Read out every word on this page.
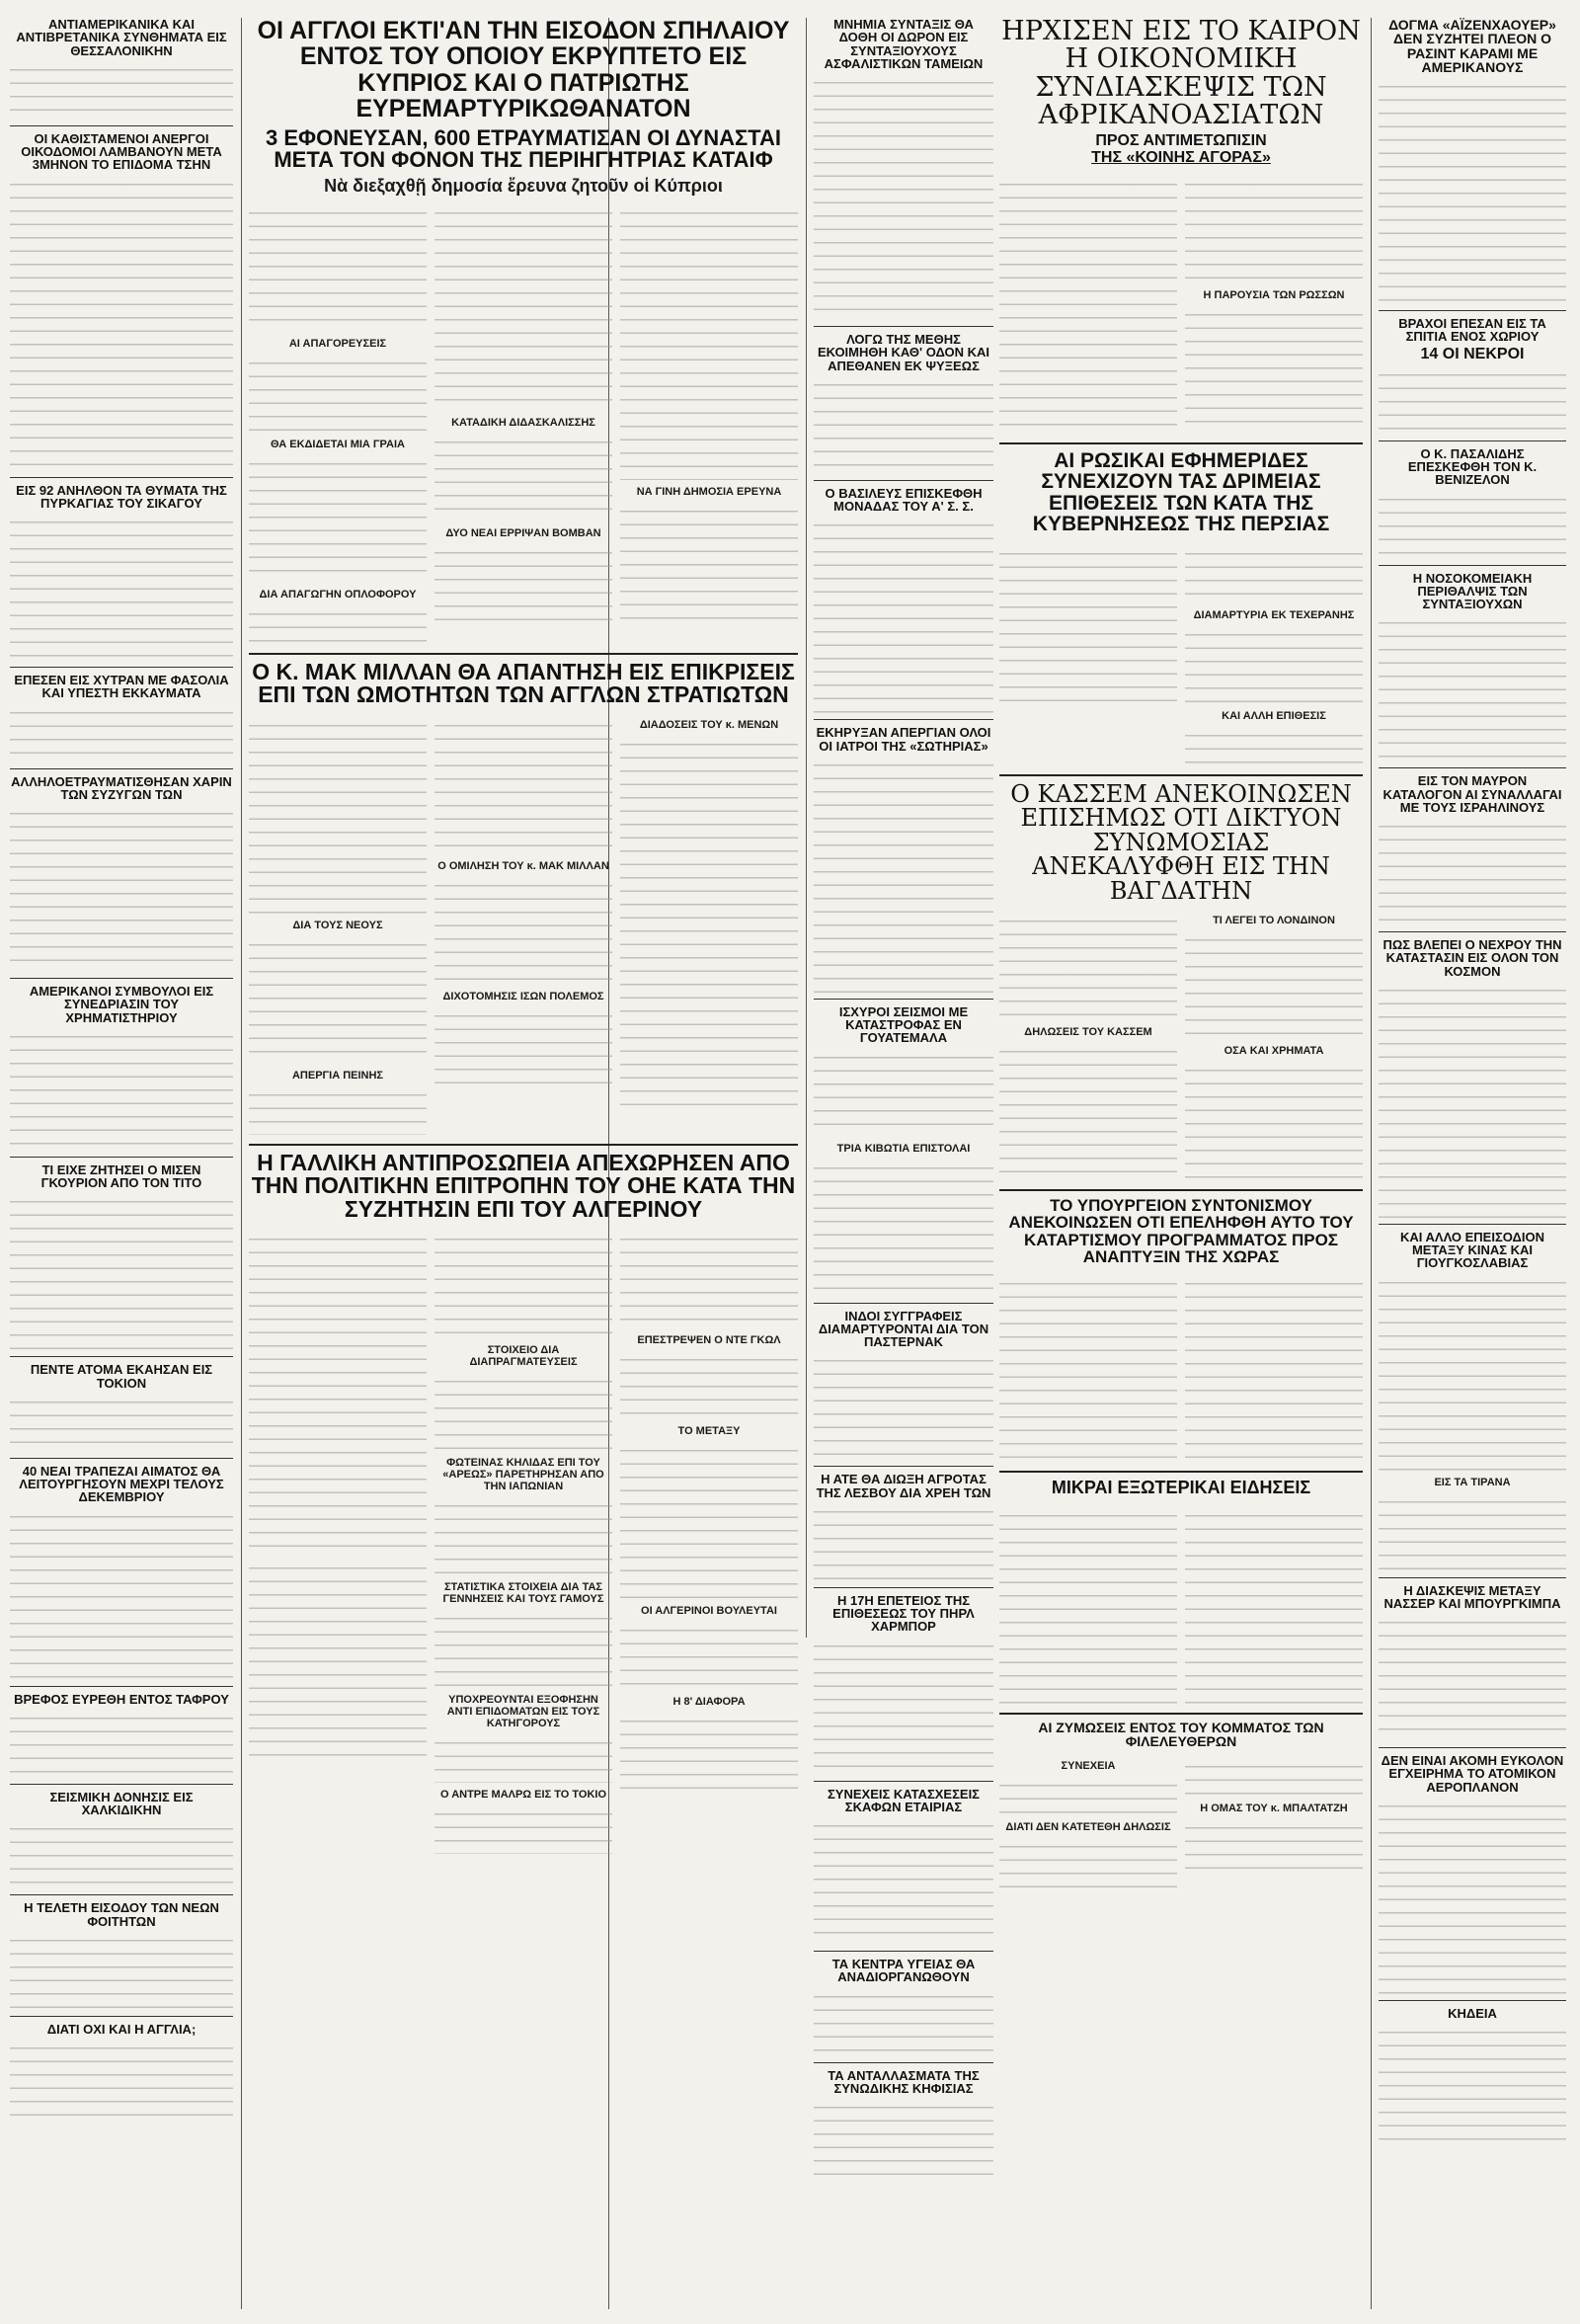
ΑΝΤΙΑΜΕΡΙΚΑΝΙΚΑ ΚΑΙ ΑΝΤΙΒΡΕΤΑΝΙΚΑ ΣΥΝΘΗΜΑΤΑ ΕΙΣ ΘΕΣΣΑΛΟΝΙΚΗΝ
ΟΙ ΚΑΘΙΣΤΑΜΕΝΟΙ ΑΝΕΡΓΟΙ ΟΙΚΟΔΟΜΟΙ ΛΑΜΒΑΝΟΥΝ ΜΕΤΑ 3ΜΗΝΟΝ ΤΟ ΕΠΙΔΟΜΑ ΤΣΗΝ
ΕΙΣ 92 ΑΝΗΛΘΟΝ ΤΑ ΘΥΜΑΤΑ ΤΗΣ ΠΥΡΚΑΓΙΑΣ ΤΟΥ ΣΙΚΑΓΟΥ
ΕΠΕΣΕΝ ΕΙΣ ΧΥΤΡΑΝ ΜΕ ΦΑΣΟΛΙΑ ΚΑΙ ΥΠΕΣΤΗ ΕΚΚΑΥΜΑΤΑ
ΑΛΛΗΛΟΕΤΡΑΥΜΑΤΙΣΘΗΣΑΝ ΧΑΡΙΝ ΤΩΝ ΣΥΖΥΓΩΝ ΤΩΝ
ΑΜΕΡΙΚΑΝΟΙ ΣΥΜΒΟΥΛΟΙ ΕΙΣ ΣΥΝΕΔΡΙΑΣΙΝ ΤΟΥ ΧΡΗΜΑΤΙΣΤΗΡΙΟΥ
ΤΙ ΕΙΧΕ ΖΗΤΗΣΕΙ Ο ΜΙΣΕΝ ΓΚΟΥΡΙΟΝ ΑΠΟ ΤΟΝ ΤΙΤΟ
ΠΕΝΤΕ ΑΤΟΜΑ ΕΚΑΗΣΑΝ ΕΙΣ ΤΟΚΙΟΝ
40 ΝΕΑΙ ΤΡΑΠΕΖΑΙ ΑΙΜΑΤΟΣ ΘΑ ΛΕΙΤΟΥΡΓΗΣΟΥΝ ΜΕΧΡΙ ΤΕΛΟΥΣ ΔΕΚΕΜΒΡΙΟΥ
ΒΡΕΦΟΣ ΕΥΡΕΘΗ ΕΝΤΟΣ ΤΑΦΡΟΥ
ΣΕΙΣΜΙΚΗ ΔΟΝΗΣΙΣ ΕΙΣ ΧΑΛΚΙΔΙΚΗΝ
Η ΤΕΛΕΤΗ ΕΙΣΟΔΟΥ ΤΩΝ ΝΕΩΝ ΦΟΙΤΗΤΩΝ
ΔΙΑΤΙ ΟΧΙ ΚΑΙ Η ΑΓΓΛΙΑ;
ΟΙ ΑΓΓΛΟΙ ΕΚΤΙ'ΑΝ ΤΗΝ ΕΙΣΟΔΟΝ ΣΠΗΛΑΙΟΥ ΕΝΤΟΣ ΤΟΥ ΟΠΟΙΟΥ ΕΚΡΥΠΤΕΤΟ ΕΙΣ ΚΥΠΡΙΟΣ ΚΑΙ Ο ΠΑΤΡΙΩΤΗΣ ΕΥΡΕΜΑΡΤΥΡΙΚΩΘΑΝΑΤΟΝ
3 ΕΦΟΝΕΥΣΑΝ, 600 ΕΤΡΑΥΜΑΤΙΣΑΝ ΟΙ ΔΥΝΑΣΤΑΙ ΜΕΤΑ ΤΟΝ ΦΟΝΟΝ ΤΗΣ ΠΕΡΙΗΓΗΤΡΙΑΣ ΚΑΤΑΙΦ
Νὰ διεξαχθῇ δημοσία ἔρευνα ζητοῦν οἱ Κύπριοι
ΑΙ ΑΠΑΓΟΡΕΥΣΕΙΣ
ΘΑ ΕΚΔΙΔΕΤΑΙ ΜΙΑ ΓΡΑΙΑ
ΔΙΑ ΑΠΑΓΩΓΗΝ ΟΠΛΟΦΟΡΟΥ
ΚΑΤΑΔΙΚΗ ΔΙΔΑΣΚΑΛΙΣΣΗΣ
ΔΥΟ ΝΕΑΙ ΕΡΡΙΨΑΝ ΒΟΜΒΑΝ
ΝΑ ΓΙΝΗ ΔΗΜΟΣΙΑ ΕΡΕΥΝΑ
Ο Κ. ΜΑΚ ΜΙΛΛΑΝ ΘΑ ΑΠΑΝΤΗΣΗ ΕΙΣ ΕΠΙΚΡΙΣΕΙΣ ΕΠΙ ΤΩΝ ΩΜΟΤΗΤΩΝ ΤΩΝ ΑΓΓΛΩΝ ΣΤΡΑΤΙΩΤΩΝ
ΔΙΑ ΤΟΥΣ ΝΕΟΥΣ
ΑΠΕΡΓΙΑ ΠΕΙΝΗΣ
Ο ΟΜΙΛΗΣΗ ΤΟΥ κ. ΜΑΚ ΜΙΛΛΑΝ
ΔΙΧΟΤΟΜΗΣΙΣ ΙΣΩΝ ΠΟΛΕΜΟΣ
ΔΙΑΔΟΣΕΙΣ ΤΟΥ κ. ΜΕΝΩΝ
Η ΓΑΛΛΙΚΗ ΑΝΤΙΠΡΟΣΩΠΕΙΑ ΑΠΕΧΩΡΗΣΕΝ ΑΠΟ ΤΗΝ ΠΟΛΙΤΙΚΗΝ ΕΠΙΤΡΟΠΗΝ ΤΟΥ ΟΗΕ ΚΑΤΑ ΤΗΝ ΣΥΖΗΤΗΣΙΝ ΕΠΙ ΤΟΥ ΑΛΓΕΡΙΝΟΥ
ΣΤΟΙΧΕΙΟ ΔΙΑ ΔΙΑΠΡΑΓΜΑΤΕΥΣΕΙΣ
ΦΩΤΕΙΝΑΣ ΚΗΛΙΔΑΣ ΕΠΙ ΤΟΥ «ΑΡΕΩΣ» ΠΑΡΕΤΗΡΗΣΑΝ ΑΠΟ ΤΗΝ ΙΑΠΩΝΙΑΝ
ΣΤΑΤΙΣΤΙΚΑ ΣΤΟΙΧΕΙΑ ΔΙΑ ΤΑΣ ΓΕΝΝΗΣΕΙΣ ΚΑΙ ΤΟΥΣ ΓΑΜΟΥΣ
ΥΠΟΧΡΕΟΥΝΤΑΙ ΕΞΟΦΗΣΗΝ ΑΝΤΙ ΕΠΙΔΟΜΑΤΩΝ ΕΙΣ ΤΟΥΣ ΚΑΤΗΓΟΡΟΥΣ
Ο ΑΝΤΡΕ ΜΑΛΡΩ ΕΙΣ ΤΟ ΤΟΚΙΟ
ΕΠΕΣΤΡΕΨΕΝ Ο ΝΤΕ ΓΚΩΛ
ΤΟ ΜΕΤΑΞΥ
ΟΙ ΑΛΓΕΡΙΝΟΙ ΒΟΥΛΕΥΤΑΙ
Η 8' ΔΙΑΦΟΡΑ
ΜΝΗΜΙΑ ΣΥΝΤΑΞΙΣ ΘΑ ΔΟΘΗ ΟΙ ΔΩΡΟΝ ΕΙΣ ΣΥΝΤΑΞΙΟΥΧΟΥΣ ΑΣΦΑΛΙΣΤΙΚΩΝ ΤΑΜΕΙΩΝ
ΛΟΓΩ ΤΗΣ ΜΕΘΗΣ ΕΚΟΙΜΗΘΗ ΚΑΘ' ΟΔΟΝ ΚΑΙ ΑΠΕΘΑΝΕΝ ΕΚ ΨΥΞΕΩΣ
Ο ΒΑΣΙΛΕΥΣ ΕΠΙΣΚΕΦΘΗ ΜΟΝΑΔΑΣ ΤΟΥ Α' Σ. Σ.
ΕΚΗΡΥΞΑΝ ΑΠΕΡΓΙΑΝ ΟΛΟΙ ΟΙ ΙΑΤΡΟΙ ΤΗΣ «ΣΩΤΗΡΙΑΣ»
ΙΣΧΥΡΟΙ ΣΕΙΣΜΟΙ ΜΕ ΚΑΤΑΣΤΡΟΦΑΣ ΕΝ ΓΟΥΑΤΕΜΑΛΑ
ΤΡΙΑ ΚΙΒΩΤΙΑ ΕΠΙΣΤΟΛΑΙ
ΙΝΔΟΙ ΣΥΓΓΡΑΦΕΙΣ ΔΙΑΜΑΡΤΥΡΟΝΤΑΙ ΔΙΑ ΤΟΝ ΠΑΣΤΕΡΝΑΚ
Η ΑΤΕ ΘΑ ΔΙΩΞΗ ΑΓΡΟΤΑΣ ΤΗΣ ΛΕΣΒΟΥ ΔΙΑ ΧΡΕΗ ΤΩΝ
Η 17Η ΕΠΕΤΕΙΟΣ ΤΗΣ ΕΠΙΘΕΣΕΩΣ ΤΟΥ ΠΗΡΛ ΧΑΡΜΠΟΡ
ΣΥΝΕΧΕΙΣ ΚΑΤΑΣΧΕΣΕΙΣ ΣΚΑΦΩΝ ΕΤΑΙΡΙΑΣ
ΤΑ ΚΕΝΤΡΑ ΥΓΕΙΑΣ ΘΑ ΑΝΑΔΙΟΡΓΑΝΩΘΟΥΝ
ΤΑ ΑΝΤΑΛΛΑΣΜΑΤΑ ΤΗΣ ΣΥΝΩΔΙΚΗΣ ΚΗΦΙΣΙΑΣ
ΗΡΧΙΣΕΝ ΕΙΣ ΤΟ ΚΑΙΡΟΝ Η ΟΙΚΟΝΟΜΙΚΗ ΣΥΝΔΙΑΣΚΕΨΙΣ ΤΩΝ ΑΦΡΙΚΑΝΟΑΣΙΑΤΩΝ
ΠΡΟΣ ΑΝΤΙΜΕΤΩΠΙΣΙΝ
ΤΗΣ «ΚΟΙΝΗΣ ΑΓΟΡΑΣ»
Η ΠΑΡΟΥΣΙΑ ΤΩΝ ΡΩΣΣΩΝ
ΑΙ ΡΩΣΙΚΑΙ ΕΦΗΜΕΡΙΔΕΣ ΣΥΝΕΧΙΖΟΥΝ ΤΑΣ ΔΡΙΜΕΙΑΣ ΕΠΙΘΕΣΕΙΣ ΤΩΝ ΚΑΤΑ ΤΗΣ ΚΥΒΕΡΝΗΣΕΩΣ ΤΗΣ ΠΕΡΣΙΑΣ
ΔΙΑΜΑΡΤΥΡΙΑ ΕΚ ΤΕΧΕΡΑΝΗΣ
ΚΑΙ ΑΛΛΗ ΕΠΙΘΕΣΙΣ
Ο ΚΑΣΣΕΜ ΑΝΕΚΟΙΝΩΣΕΝ ΕΠΙΣΗΜΩΣ ΟΤΙ ΔΙΚΤΥΟΝ ΣΥΝΩΜΟΣΙΑΣ ΑΝΕΚΑΛΥΦΘΗ ΕΙΣ ΤΗΝ ΒΑΓΔΑΤΗΝ
ΔΗΛΩΣΕΙΣ ΤΟΥ ΚΑΣΣΕΜ
ΤΙ ΛΕΓΕΙ ΤΟ ΛΟΝΔΙΝΟΝ
ΟΣΑ ΚΑΙ ΧΡΗΜΑΤΑ
ΤΟ ΥΠΟΥΡΓΕΙΟΝ ΣΥΝΤΟΝΙΣΜΟΥ ΑΝΕΚΟΙΝΩΣΕΝ ΟΤΙ ΕΠΕΛΗΦΘΗ ΑΥΤΟ ΤΟΥ ΚΑΤΑΡΤΙΣΜΟΥ ΠΡΟΓΡΑΜΜΑΤΟΣ ΠΡΟΣ ΑΝΑΠΤΥΞΙΝ ΤΗΣ ΧΩΡΑΣ
ΜΙΚΡΑΙ ΕΞΩΤΕΡΙΚΑΙ ΕΙΔΗΣΕΙΣ
ΑΙ ΖΥΜΩΣΕΙΣ ΕΝΤΟΣ ΤΟΥ ΚΟΜΜΑΤΟΣ ΤΩΝ ΦΙΛΕΛΕΥΘΕΡΩΝ
ΣΥΝΕΧΕΙΑ
ΔΙΑΤΙ ΔΕΝ ΚΑΤΕΤΕΘΗ ΔΗΛΩΣΙΣ
Η ΟΜΑΣ ΤΟΥ κ. ΜΠΑΛΤΑΤΖΗ
ΔΟΓΜΑ «ΑΪΖΕΝΧΑΟΥΕΡ» ΔΕΝ ΣΥΖΗΤΕΙ ΠΛΕΟΝ Ο ΡΑΣΙΝΤ ΚΑΡΑΜΙ ΜΕ ΑΜΕΡΙΚΑΝΟΥΣ
ΒΡΑΧΟΙ ΕΠΕΣΑΝ ΕΙΣ ΤΑ ΣΠΙΤΙΑ ΕΝΟΣ ΧΩΡΙΟΥ
14 ΟΙ ΝΕΚΡΟΙ
Ο Κ. ΠΑΣΑΛΙΔΗΣ ΕΠΕΣΚΕΦΘΗ ΤΟΝ Κ. ΒΕΝΙΖΕΛΟΝ
Η ΝΟΣΟΚΟΜΕΙΑΚΗ ΠΕΡΙΘΑΛΨΙΣ ΤΩΝ ΣΥΝΤΑΞΙΟΥΧΩΝ
ΕΙΣ ΤΟΝ ΜΑΥΡΟΝ ΚΑΤΑΛΟΓΟΝ ΑΙ ΣΥΝΑΛΛΑΓΑΙ ΜΕ ΤΟΥΣ ΙΣΡΑΗΛΙΝΟΥΣ
ΠΩΣ ΒΛΕΠΕΙ Ο ΝΕΧΡΟΥ ΤΗΝ ΚΑΤΑΣΤΑΣΙΝ ΕΙΣ ΟΛΟΝ ΤΟΝ ΚΟΣΜΟΝ
ΚΑΙ ΑΛΛΟ ΕΠΕΙΣΟΔΙΟΝ ΜΕΤΑΞΥ ΚΙΝΑΣ ΚΑΙ ΓΙΟΥΓΚΟΣΛΑΒΙΑΣ
ΕΙΣ ΤΑ ΤΙΡΑΝΑ
Η ΔΙΑΣΚΕΨΙΣ ΜΕΤΑΞΥ ΝΑΣΣΕΡ ΚΑΙ ΜΠΟΥΡΓΚΙΜΠΑ
ΔΕΝ ΕΙΝΑΙ ΑΚΟΜΗ ΕΥΚΟΛΟΝ ΕΓΧΕΙΡΗΜΑ ΤΟ ΑΤΟΜΙΚΟΝ ΑΕΡΟΠΛΑΝΟΝ
ΚΗΔΕΙΑ
